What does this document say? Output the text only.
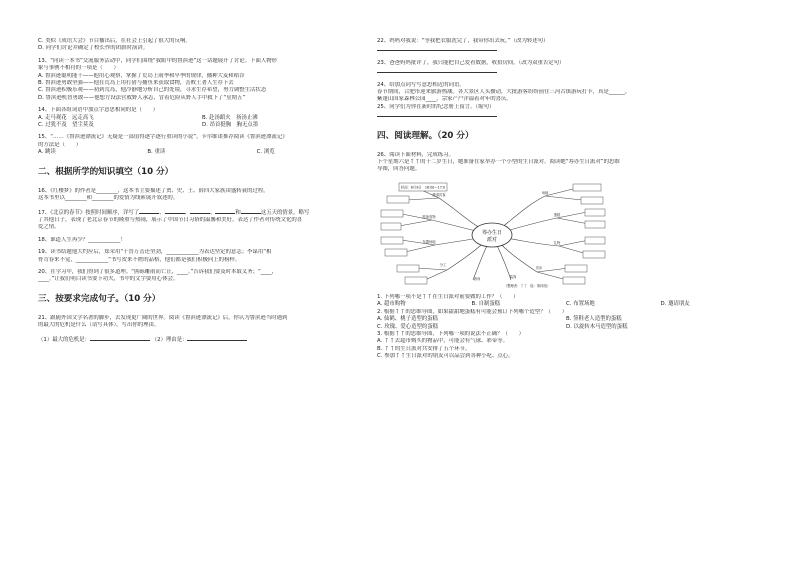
C. 类似《成语大会》节目播出后，在社会上引起了很大的反响。
D. 同学们讨论并确定了校长作的团旗时演讲。
13、“同读一本书”交流服务活动中，同学们围绕“我眼中的鲁滨逊”这一话题展开了讨论。下面人物形
象与事例不相符的一项是（　　）
A. 鲁滨逊聪明能干——他用心观察，掌握了荒岛上雨季和旱季的规律，播种大麦和稻谷
B. 鲁滨逊勇敢坚强——他在荒岛上用打猎与捕鱼来获取食物，击败土著人生存下去
C. 鲁滨逊积极乐观——初到荒岛，他冷静地分析自己的处境，寻求生存希望，努力调整生活状态
D. 鲁滨逊机智勇敢——他想方设法营救野人承志，冒着危险从野人手中救下了“星期五”
14、下面各组词语中加点字意思相同的是（　　）
A. 走马观花　远走高飞	B. 赴汤蹈火　扬汤止沸
C. 过犹不及　望尘莫及	D. 昂首挺胸　胸无点墨
15、“……《鲁滨逊漂流记》无疑是一部值得逐字逐行重读的小说”。卡尔维诺推荐阅读《鲁滨逊漂流记》
的方法是（　　）
A. 跳读	B. 重读	C. 浏览
二、根据所学的知识填空（10 分）
16、《红楼梦》的作者是________，这本书主要描述了贾、史、王、薛四大家族由盛转衰的过程，
这本书里以________和________的爱情为线索展开叙述的。
17、《北京的春节》按照时间顺序，详写了	、	、	、	和	这五天的情景，略写
了其他日子，表现了老北京春节的隆重与热闹，展示了中国节日习俗的温馨和美好，表达了作者对传统文化的喜
爱之情。
18、谁道人生再少？____________！
19、读书结题他大约应后，郑荣用“千晋万击还坚劲，____________为表达坚定的意志；李谋用“相
骨苛春来不觉，____________”书写贺来不匮的品格，他们都是我们积极向上的榜样。
20、在学习中，我们得到了很多道理。“熊砾雕雨而亡止，____。”告诉我们要及时本取义务；“____，
____。”让我们明白读书要下功夫，书中的文字要用心体会。
三、按要求完成句子。（10 分）
21、跟随外国文学名著的脚步，去发现更广阔的世界。阅读《鲁滨逊漂流记》后，你认为鲁滨逊当时遇到
的最大的危机是什么（请写具体），写出你的理由。
（1）最大的危机是：	（2）理由是：
22、妈妈对我说：“等我把衣服洗完了，我带你出去玩。”（改为转述句）
23、爸爸妈妈批评了，我只能把自己爱看数据，收拾房间。（改为双重否定句）
24、给加点词写写意思相近的词语。
春节期间，合肥市迎来旅游热潮。各大景区人头攒动，大批游客纷纷前往三河古镇游玩打卡，真是______，
紫蓬山国家森林公园____，宗家产户洋溢着对年的喜庆。
25、同学们为你在新时的纪念册上留言。（缩句）
四、阅读理解。（20 分）
26、阅读下面材料，完成练习。
下个星期六是丫丫的十二岁生日，她准备在家举办一个小型的生日派对。阅读她“筹办生日派对”的思维
导图，回答问题。
筹办生日
派对
时间：6月9日　16:00—17:0
邀请宾客
准备食物
布置场地
分工
游戏
场地
蛋糕
礼物
音乐
装饰
（整理者：丫丫　绘：第四组）
1. 下列哪一项不是丫丫在生日派对前要做的工作？（　　）
A. 超市购物	B. 自制蛋糕	C. 布置场地	D. 邀请朋友
2. 根据丫丫的思维导图，如果甜甜地蛋糕有可能会预订下列哪个造型？（　　）
A. 仙鹤、桃子造型的蛋糕	B. 签鞋老人造型的蛋糕
C. 玫瑰、爱心造型的蛋糕	D. 以旋转木马造型的蛋糕
3. 根据丫丫的思维导图，下列哪一项的说法不正确？（　　）
A. 丫丫去超市购买的物品中，可能会有气球、彩带等。
B. 丫丫的生日派对共安排了五个环节。
C. 参加丫丫生日派对的朋友可以品尝到各种小吃、点心。
